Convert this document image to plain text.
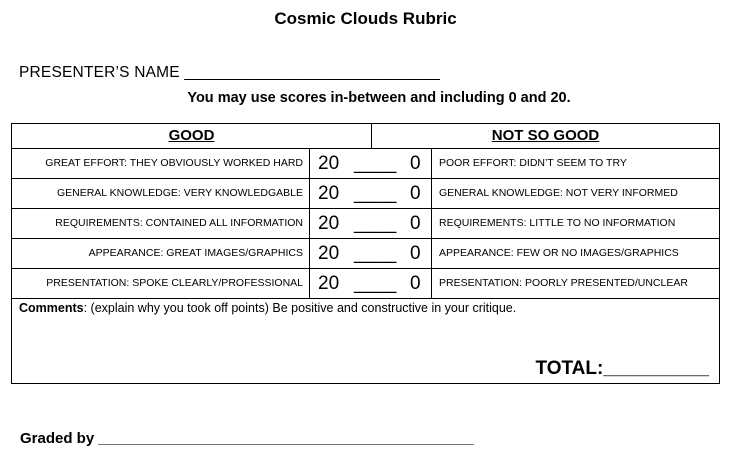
Cosmic Clouds Rubric
PRESENTER’S NAME _____________________________
You may use scores in-between and including 0 and 20.
GOOD	NOT SO GOOD
GREAT EFFORT: THEY OBVIOUSLY WORKED HARD 20 ____ 0 POOR EFFORT: DIDN’T SEEM TO TRY
GENERAL KNOWLEDGE: VERY KNOWLEDGABLE 20 ____ 0 GENERAL KNOWLEDGE: NOT VERY INFORMED
REQUIREMENTS: CONTAINED ALL INFORMATION 20 ____ 0 REQUIREMENTS: LITTLE TO NO INFORMATION
APPEARANCE: GREAT IMAGES/GRAPHICS 20 ____ 0 APPEARANCE: FEW OR NO IMAGES/GRAPHICS
PRESENTATION: SPOKE CLEARLY/PROFESSIONAL 20 ____ 0 PRESENTATION: POORLY PRESENTED/UNCLEAR
Comments: (explain why you took off points) Be positive and constructive in your critique.
TOTAL:__________
Graded by _____________________________________________
